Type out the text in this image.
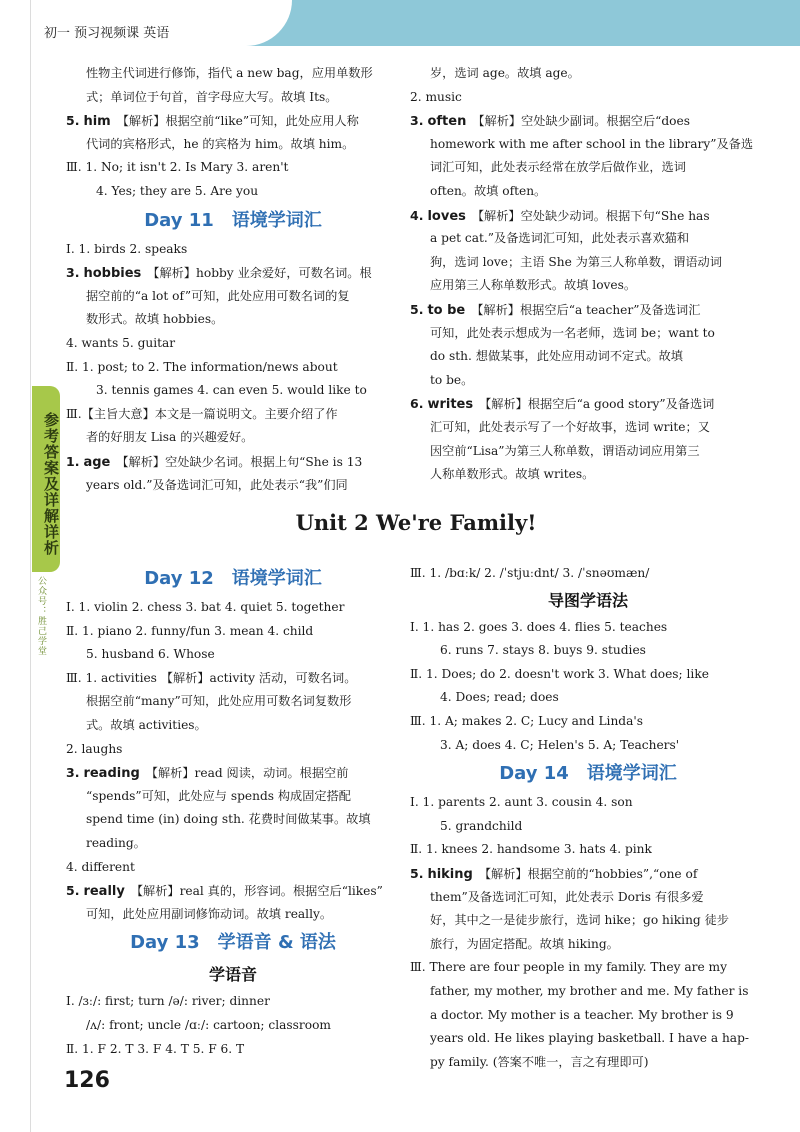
初一 预习视频课 英语
参考答案及详解详析
公众号：胜己学堂
性物主代词进行修饰，指代 a new bag，应用单数形
式；单词位于句首，首字母应大写。故填 Its。
5. him 【解析】根据空前“like”可知，此处应用人称
代词的宾格形式，he 的宾格为 him。故填 him。
Ⅲ. 1. No; it isn't 2. Is Mary 3. aren't
4. Yes; they are 5. Are you
Day 11 语境学词汇
Ⅰ. 1. birds 2. speaks
3. hobbies 【解析】hobby 业余爱好，可数名词。根
据空前的“a lot of”可知，此处应用可数名词的复
数形式。故填 hobbies。
4. wants 5. guitar
Ⅱ. 1. post; to 2. The information/news about
3. tennis games 4. can even 5. would like to
Ⅲ.【主旨大意】本文是一篇说明文。主要介绍了作
者的好朋友 Lisa 的兴趣爱好。
1. age 【解析】空处缺少名词。根据上句“She is 13
years old.”及备选词汇可知，此处表示“我”们同
岁，选词 age。故填 age。
2. music
3. often 【解析】空处缺少副词。根据空后“does
homework with me after school in the library”及备选
词汇可知，此处表示经常在放学后做作业，选词
often。故填 often。
4. loves 【解析】空处缺少动词。根据下句“She has
a pet cat.”及备选词汇可知，此处表示喜欢猫和
狗，选词 love；主语 She 为第三人称单数，谓语动词
应用第三人称单数形式。故填 loves。
5. to be 【解析】根据空后“a teacher”及备选词汇
可知，此处表示想成为一名老师，选词 be；want to
do sth. 想做某事，此处应用动词不定式。故填
to be。
6. writes 【解析】根据空后“a good story”及备选词
汇可知，此处表示写了一个好故事，选词 write；又
因空前“Lisa”为第三人称单数，谓语动词应用第三
人称单数形式。故填 writes。
Unit 2 We're Family!
Day 12 语境学词汇
Ⅰ. 1. violin 2. chess 3. bat 4. quiet 5. together
Ⅱ. 1. piano 2. funny/fun 3. mean 4. child
5. husband 6. Whose
Ⅲ. 1. activities 【解析】activity 活动，可数名词。
根据空前“many”可知，此处应用可数名词复数形
式。故填 activities。
2. laughs
3. reading 【解析】read 阅读，动词。根据空前
“spends”可知，此处应与 spends 构成固定搭配
spend time (in) doing sth. 花费时间做某事。故填
reading。
4. different
5. really 【解析】real 真的，形容词。根据空后“likes”
可知，此处应用副词修饰动词。故填 really。
Day 13 学语音 & 语法
学语音
Ⅰ. /ɜː/: first; turn /ə/: river; dinner
/ʌ/: front; uncle /ɑː/: cartoon; classroom
Ⅱ. 1. F 2. T 3. F 4. T 5. F 6. T
Ⅲ. 1. /bɑːk/ 2. /ˈstjuːdnt/ 3. /ˈsnəʊmæn/
导图学语法
Ⅰ. 1. has 2. goes 3. does 4. flies 5. teaches
6. runs 7. stays 8. buys 9. studies
Ⅱ. 1. Does; do 2. doesn't work 3. What does; like
4. Does; read; does
Ⅲ. 1. A; makes 2. C; Lucy and Linda's
3. A; does 4. C; Helen's 5. A; Teachers'
Day 14 语境学词汇
Ⅰ. 1. parents 2. aunt 3. cousin 4. son
5. grandchild
Ⅱ. 1. knees 2. handsome 3. hats 4. pink
5. hiking 【解析】根据空前的“hobbies”,“one of
them”及备选词汇可知，此处表示 Doris 有很多爱
好，其中之一是徒步旅行，选词 hike；go hiking 徒步
旅行，为固定搭配。故填 hiking。
Ⅲ. There are four people in my family. They are my
father, my mother, my brother and me. My father is
a doctor. My mother is a teacher. My brother is 9
years old. He likes playing basketball. I have a hap-
py family. (答案不唯一，言之有理即可)
126
